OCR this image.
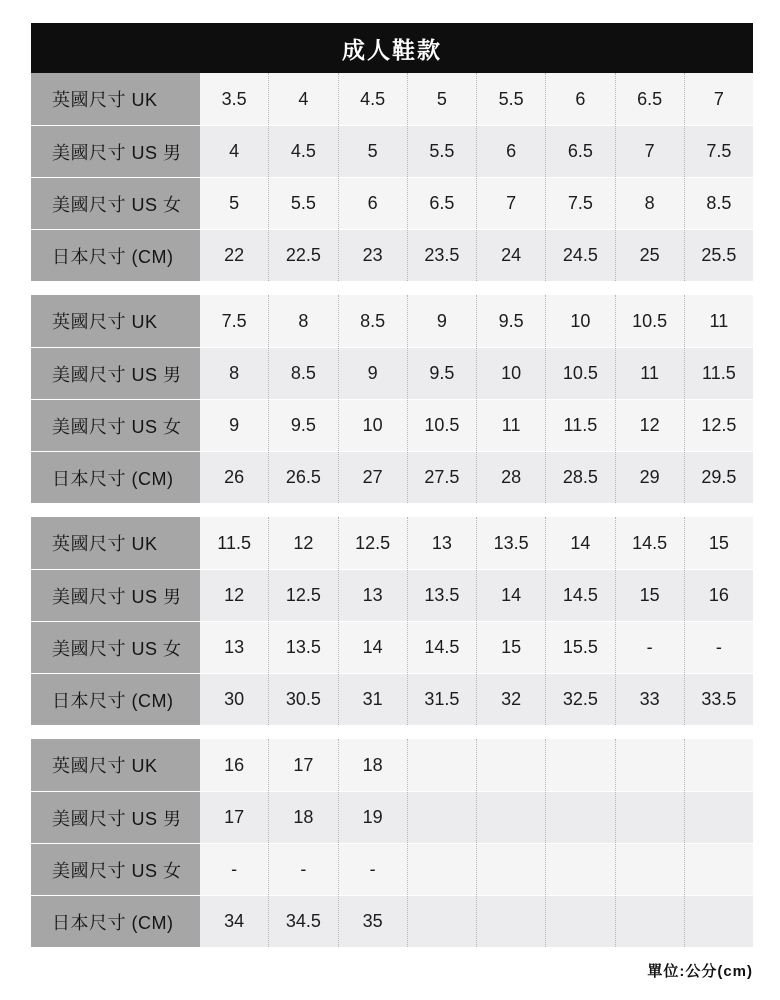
成人鞋款
英國尺寸 UK	3.5	4	4.5	5	5.5	6	6.5	7
美國尺寸 US 男	4	4.5	5	5.5	6	6.5	7	7.5
美國尺寸 US 女	5	5.5	6	6.5	7	7.5	8	8.5
日本尺寸 (CM)	22	22.5	23	23.5	24	24.5	25	25.5
英國尺寸 UK	7.5	8	8.5	9	9.5	10	10.5	11
美國尺寸 US 男	8	8.5	9	9.5	10	10.5	11	11.5
美國尺寸 US 女	9	9.5	10	10.5	11	11.5	12	12.5
日本尺寸 (CM)	26	26.5	27	27.5	28	28.5	29	29.5
英國尺寸 UK	11.5	12	12.5	13	13.5	14	14.5	15
美國尺寸 US 男	12	12.5	13	13.5	14	14.5	15	16
美國尺寸 US 女	13	13.5	14	14.5	15	15.5	-	-
日本尺寸 (CM)	30	30.5	31	31.5	32	32.5	33	33.5
英國尺寸 UK	16	17	18
美國尺寸 US 男	17	18	19
美國尺寸 US 女	-	-	-
日本尺寸 (CM)	34	34.5	35
單位:公分(cm)
